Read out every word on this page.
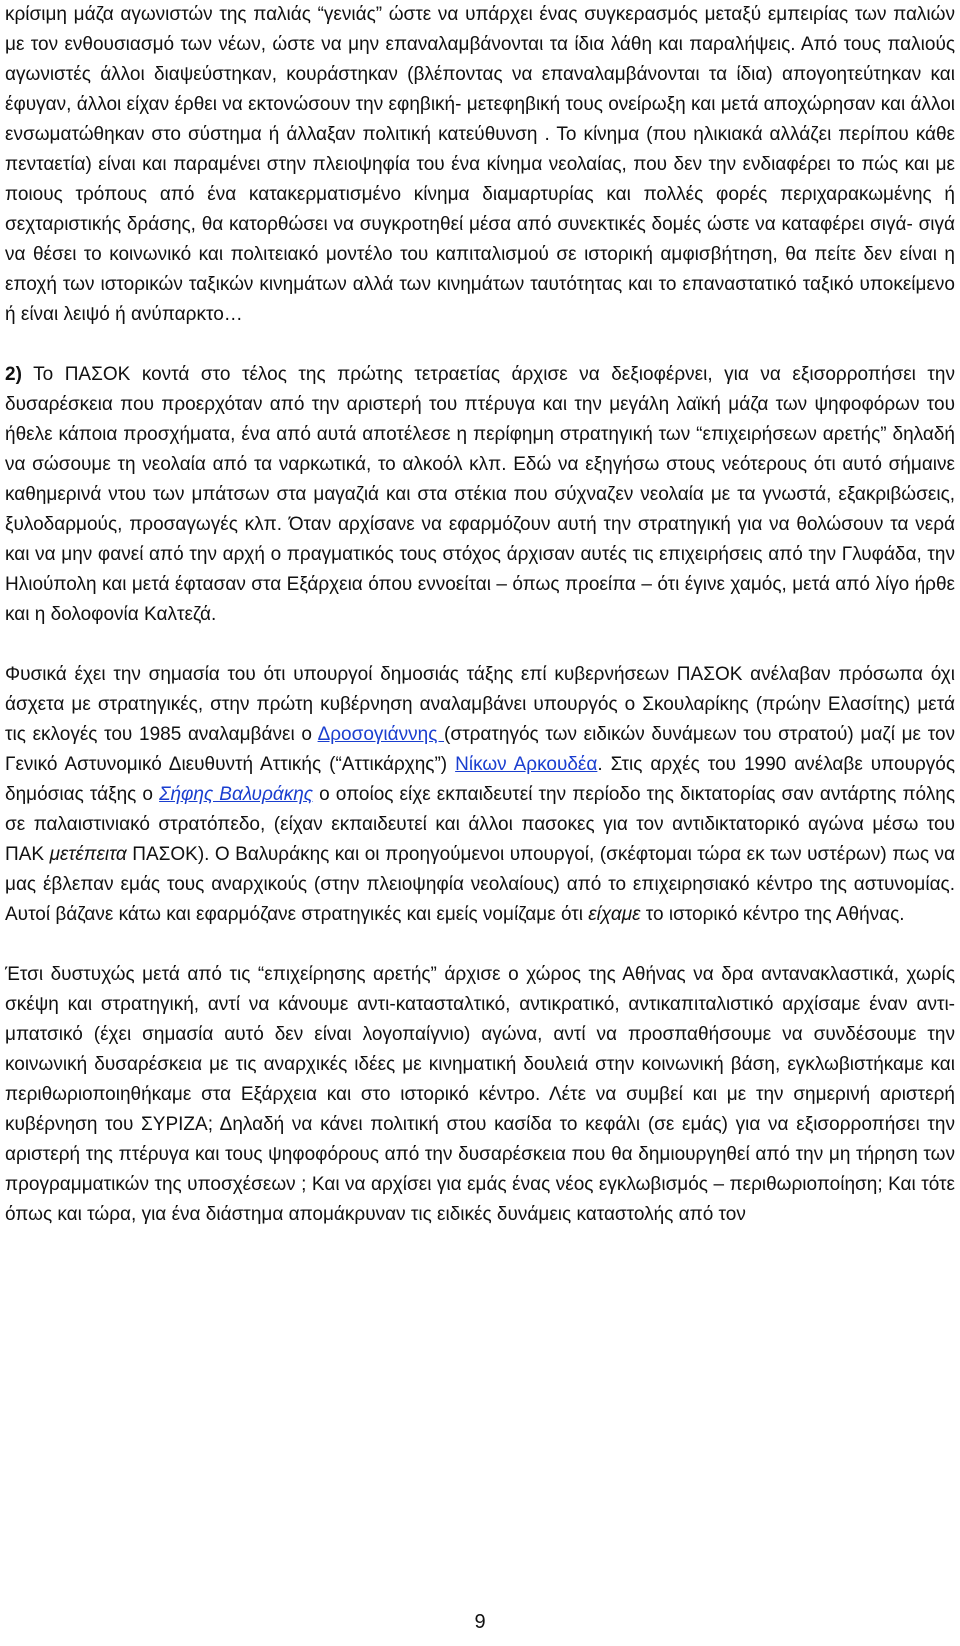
κρίσιμη μάζα αγωνιστών της παλιάς “γενιάς” ώστε να υπάρχει ένας συγκερασμός μεταξύ εμπειρίας των παλιών με τον ενθουσιασμό των νέων, ώστε να μην επαναλαμβάνονται τα ίδια λάθη και παραλήψεις. Από τους παλιούς αγωνιστές άλλοι διαψεύστηκαν, κουράστηκαν (βλέποντας να επαναλαμβάνονται τα ίδια) απογοητεύτηκαν και έφυγαν, άλλοι είχαν έρθει να εκτονώσουν την εφηβική- μετεφηβική τους ονείρωξη και μετά αποχώρησαν και άλλοι ενσωματώθηκαν στο σύστημα ή άλλαξαν πολιτική κατεύθυνση . Το κίνημα (που ηλικιακά αλλάζει περίπου κάθε πενταετία) είναι και παραμένει στην πλειοψηφία του ένα κίνημα νεολαίας, που δεν την ενδιαφέρει το πώς και με ποιους τρόπους από ένα κατακερματισμένο κίνημα διαμαρτυρίας και πολλές φορές περιχαρακωμένης ή σεχταριστικής δράσης, θα κατορθώσει να συγκροτηθεί μέσα από συνεκτικές δομές ώστε να καταφέρει σιγά- σιγά να θέσει το κοινωνικό και πολιτειακό μοντέλο του καπιταλισμού σε ιστορική αμφισβήτηση, θα πείτε δεν είναι η εποχή των ιστορικών ταξικών κινημάτων αλλά των κινημάτων ταυτότητας και το επαναστατικό ταξικό υποκείμενο ή είναι λειψό ή ανύπαρκτο…

2) Το ΠΑΣΟΚ κοντά στο τέλος της πρώτης τετραετίας άρχισε να δεξιοφέρνει, για να εξισορροπήσει την δυσαρέσκεια που προερχόταν από την αριστερή του πτέρυγα και την μεγάλη λαϊκή μάζα των ψηφοφόρων του ήθελε κάποια προσχήματα, ένα από αυτά αποτέλεσε η περίφημη στρατηγική των “επιχειρήσεων αρετής” δηλαδή να σώσουμε τη νεολαία από τα ναρκωτικά, το αλκοόλ κλπ. Εδώ να εξηγήσω στους νεότερους ότι αυτό σήμαινε καθημερινά ντου των μπάτσων στα μαγαζιά και στα στέκια που σύχναζεν νεολαία με τα γνωστά, εξακριβώσεις, ξυλοδαρμούς, προσαγωγές κλπ. Όταν αρχίσανε να εφαρμόζουν αυτή την στρατηγική για να θολώσουν τα νερά και να μην φανεί από την αρχή ο πραγματικός τους στόχος άρχισαν αυτές τις επιχειρήσεις από την Γλυφάδα, την Ηλιούπολη και μετά έφτασαν στα Εξάρχεια όπου εννοείται – όπως προείπα – ότι έγινε χαμός, μετά από λίγο ήρθε και η δολοφονία Καλτεζά.

Φυσικά έχει την σημασία του ότι υπουργοί δημοσιάς τάξης επί κυβερνήσεων ΠΑΣΟΚ ανέλαβαν πρόσωπα όχι άσχετα με στρατηγικές, στην πρώτη κυβέρνηση αναλαμβάνει υπουργός ο Σκουλαρίκης (πρώην Ελασίτης) μετά τις εκλογές του 1985 αναλαμβάνει ο Δροσογιάννης (στρατηγός των ειδικών δυνάμεων του στρατού) μαζί με τον Γενικό Αστυνομικό Διευθυντή Αττικής (“Αττικάρχης”) Νίκων Αρκουδέα. Στις αρχές του 1990 ανέλαβε υπουργός δημόσιας τάξης ο Σήφης Βαλυράκης ο οποίος είχε εκπαιδευτεί την περίοδο της δικτατορίας σαν αντάρτης πόλης σε παλαιστινιακό στρατόπεδο, (είχαν εκπαιδευτεί και άλλοι πασοκες για τον αντιδικτατορικό αγώνα μέσω του ΠΑΚ μετέπειτα ΠΑΣΟΚ). Ο Βαλυράκης και οι προηγούμενοι υπουργοί, (σκέφτομαι τώρα εκ των υστέρων) πως να μας έβλεπαν εμάς τους αναρχικούς (στην πλειοψηφία νεολαίους) από το επιχειρησιακό κέντρο της αστυνομίας. Αυτοί βάζανε κάτω και εφαρμόζανε στρατηγικές και εμείς νομίζαμε ότι είχαμε το ιστορικό κέντρο της Αθήνας.

Έτσι δυστυχώς μετά από τις “επιχείρησης αρετής” άρχισε ο χώρος της Αθήνας να δρα αντανακλαστικά, χωρίς σκέψη και στρατηγική, αντί να κάνουμε αντι-κατασταλτικό, αντικρατικό, αντικαπιταλιστικό αρχίσαμε έναν αντι-μπατσικό (έχει σημασία αυτό δεν είναι λογοπαίγνιο) αγώνα, αντί να προσπαθήσουμε να συνδέσουμε την κοινωνική δυσαρέσκεια με τις αναρχικές ιδέες με κινηματική δουλειά στην κοινωνική βάση, εγκλωβιστήκαμε και περιθωριοποιηθήκαμε στα Εξάρχεια και στο ιστορικό κέντρο. Λέτε να συμβεί και με την σημερινή αριστερή κυβέρνηση του ΣΥΡΙΖΑ; Δηλαδή να κάνει πολιτική στου κασίδα το κεφάλι (σε εμάς) για να εξισορροπήσει την αριστερή της πτέρυγα και τους ψηφοφόρους από την δυσαρέσκεια που θα δημιουργηθεί από την μη τήρηση των προγραμματικών της υποσχέσεων ; Και να αρχίσει για εμάς ένας νέος εγκλωβισμός – περιθωριοποίηση; Και τότε όπως και τώρα, για ένα διάστημα απομάκρυναν τις ειδικές δυνάμεις καταστολής από τον

9
